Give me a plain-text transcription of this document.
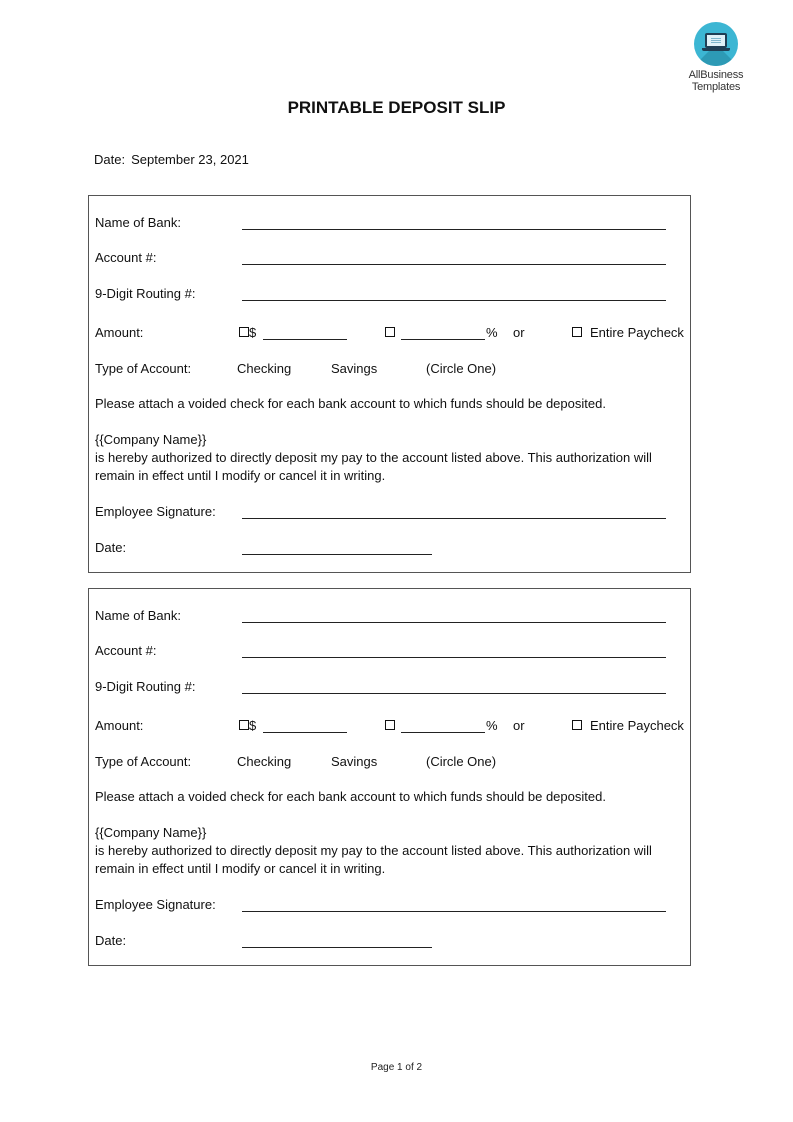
AllBusiness
Templates
PRINTABLE DEPOSIT SLIP
Date: September 23, 2021
Name of Bank:
Account #:
9-Digit Routing #:
Amount:	$	% or	Entire Paycheck
Type of Account:	Checking	Savings	(Circle One)
Please attach a voided check for each bank account to which funds should be deposited.
{{Company Name}}
is hereby authorized to directly deposit my pay to the account listed above. This authorization will remain in effect until I modify or cancel it in writing.
Employee Signature:
Date:
Name of Bank:
Account #:
9-Digit Routing #:
Amount:	$	% or	Entire Paycheck
Type of Account:	Checking	Savings	(Circle One)
Please attach a voided check for each bank account to which funds should be deposited.
{{Company Name}}
is hereby authorized to directly deposit my pay to the account listed above. This authorization will remain in effect until I modify or cancel it in writing.
Employee Signature:
Date:
Page 1 of 2
